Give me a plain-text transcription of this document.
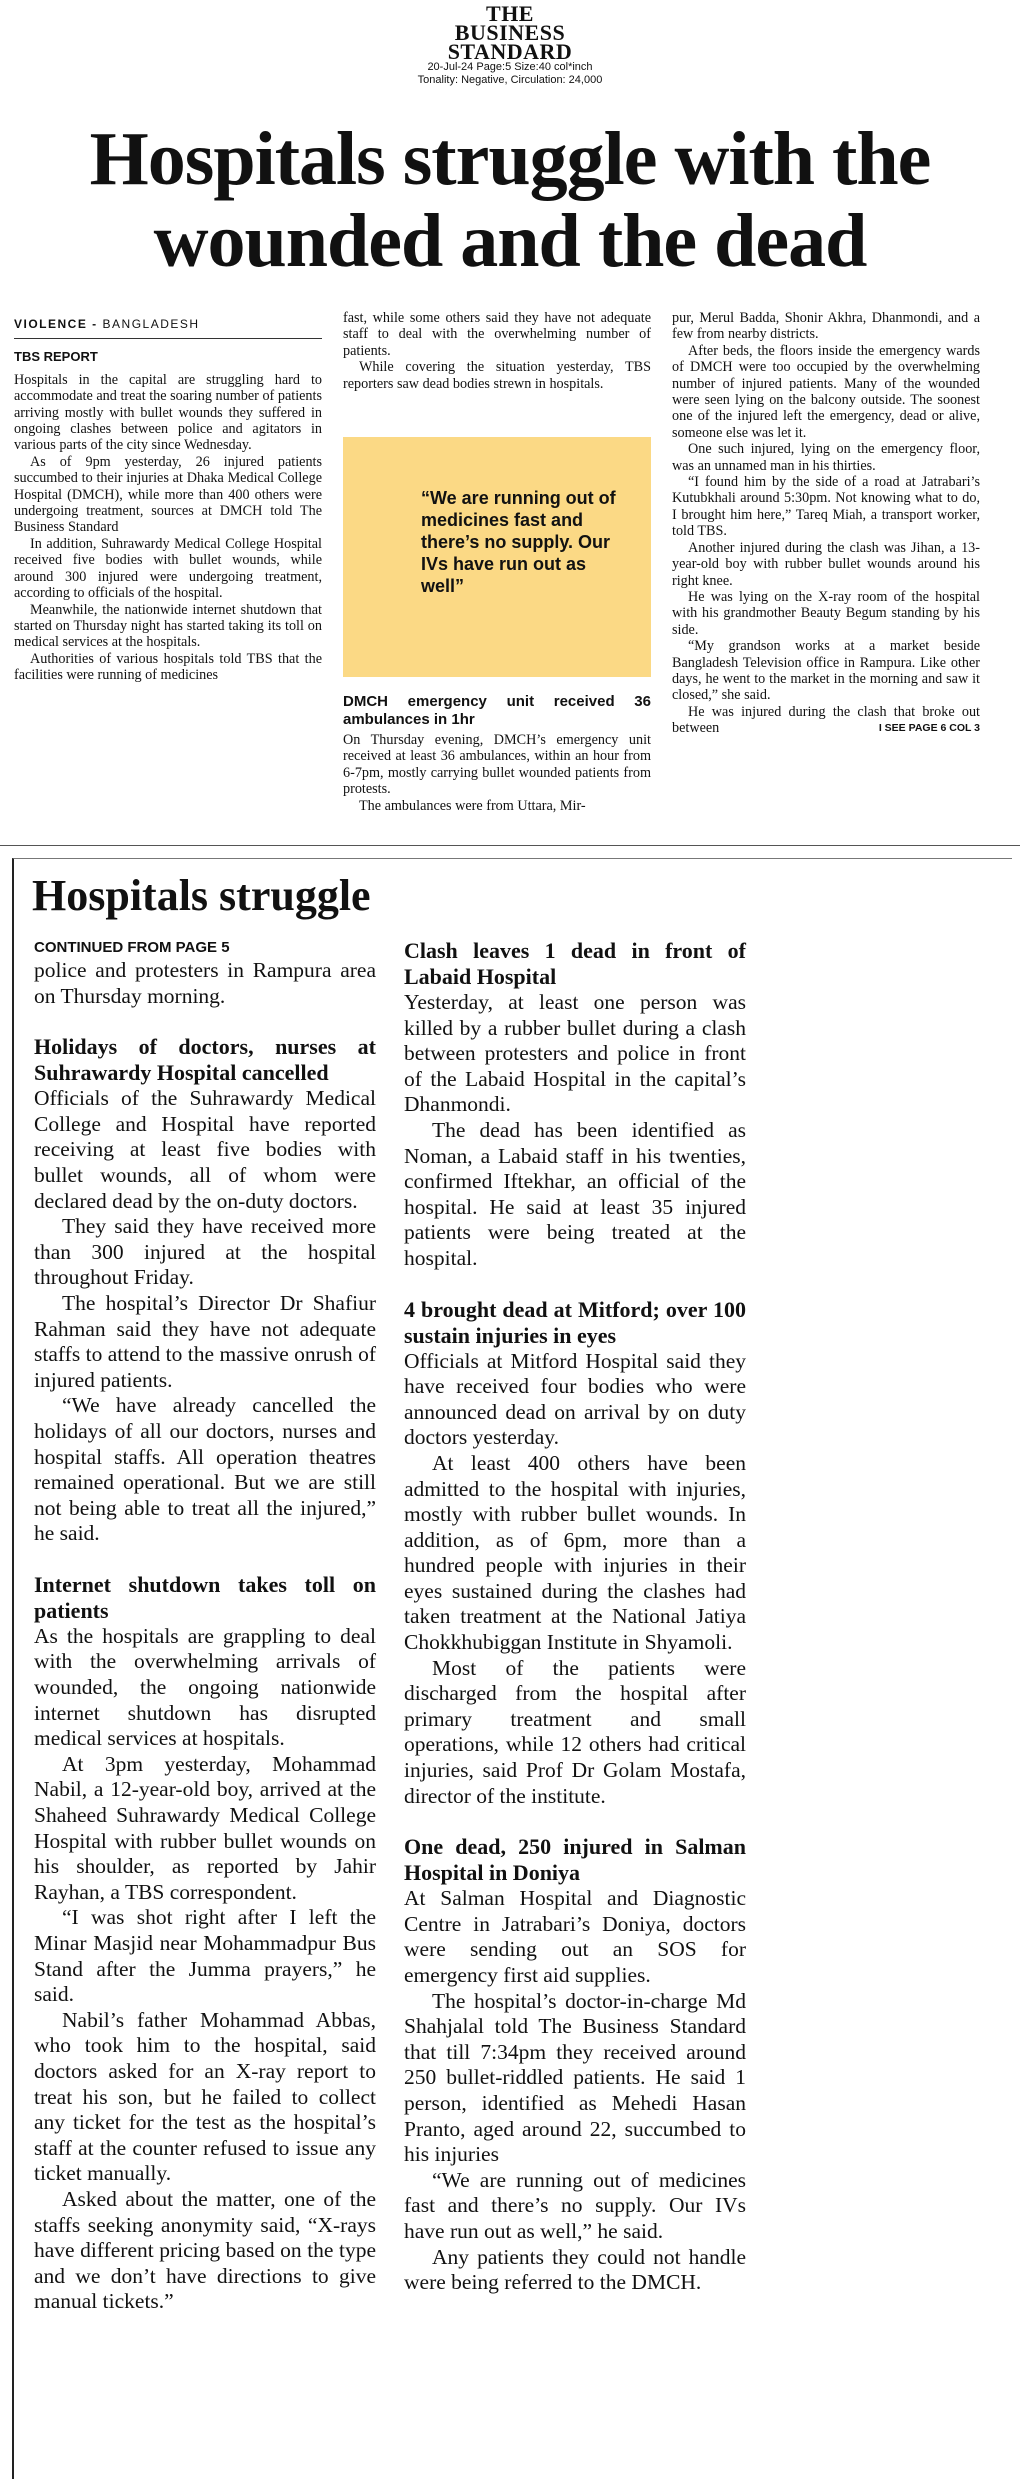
THE
BUSINESS
STANDARD
20-Jul-24 Page:5 Size:40 col*inch
Tonality: Negative, Circulation: 24,000
Hospitals struggle with the
wounded and the dead
VIOLENCE - BANGLADESH
TBS REPORT

Hospitals in the capital are struggling hard to accommodate and treat the soaring number of patients arriving mostly with bullet wounds they suffered in ongoing clashes between police and agitators in various parts of the city since Wednesday.

As of 9pm yesterday, 26 injured patients succumbed to their injuries at Dhaka Medical College Hospital (DMCH), while more than 400 others were undergoing treatment, sources at DMCH told The Business Standard

In addition, Suhrawardy Medical College Hospital received five bodies with bullet wounds, while around 300 injured were undergoing treatment, according to officials of the hospital.

Meanwhile, the nationwide internet shutdown that started on Thursday night has started taking its toll on medical services at the hospitals.

Authorities of various hospitals told TBS that the facilities were running of medicines

fast, while some others said they have not adequate staff to deal with the overwhelming number of patients.

While covering the situation yesterday, TBS reporters saw dead bodies strewn in hospitals.

“We are running out of medicines fast and there’s no supply. Our IVs have run out as well”
DMCH emergency unit received 36 ambulances in 1hr

On Thursday evening, DMCH’s emergency unit received at least 36 ambulances, within an hour from 6-7pm, mostly carrying bullet wounded patients from protests.

The ambulances were from Uttara, Mir-

pur, Merul Badda, Shonir Akhra, Dhanmondi, and a few from nearby districts.

After beds, the floors inside the emergency wards of DMCH were too occupied by the overwhelming number of injured patients. Many of the wounded were seen lying on the balcony outside. The soonest one of the injured left the emergency, dead or alive, someone else was let it.

One such injured, lying on the emergency floor, was an unnamed man in his thirties.

“I found him by the side of a road at Jatrabari’s Kutubkhali around 5:30pm. Not knowing what to do, I brought him here,” Tareq Miah, a transport worker, told TBS.

Another injured during the clash was Jihan, a 13-year-old boy with rubber bullet wounds around his right knee.

He was lying on the X-ray room of the hospital with his grandmother Beauty Begum standing by his side.

“My grandson works at a market beside Bangladesh Television office in Rampura. Like other days, he went to the market in the morning and saw it closed,” she said.

He was injured during the clash that broke out between	I SEE PAGE 6 COL 3

Hospitals struggle
CONTINUED FROM PAGE 5

police and protesters in Rampura area on Thursday morning.

Holidays of doctors, nurses at Suhrawardy Hospital cancelled

Officials of the Suhrawardy Medical College and Hospital have reported receiving at least five bodies with bullet wounds, all of whom were declared dead by the on-duty doctors.

They said they have received more than 300 injured at the hospital throughout Friday.

The hospital’s Director Dr Shafiur Rahman said they have not adequate staffs to attend to the massive onrush of injured patients.

“We have already cancelled the holidays of all our doctors, nurses and hospital staffs. All operation theatres remained operational. But we are still not being able to treat all the injured,” he said.

Internet shutdown takes toll on patients

As the hospitals are grappling to deal with the overwhelming arrivals of wounded, the ongoing nationwide internet shutdown has disrupted medical services at hospitals.

At 3pm yesterday, Mohammad Nabil, a 12-year-old boy, arrived at the Shaheed Suhrawardy Medical College Hospital with rubber bullet wounds on his shoulder, as reported by Jahir Rayhan, a TBS correspondent.

“I was shot right after I left the Minar Masjid near Mohammadpur Bus Stand after the Jumma prayers,” he said.

Nabil’s father Mohammad Abbas, who took him to the hospital, said doctors asked for an X-ray report to treat his son, but he failed to collect any ticket for the test as the hospital’s staff at the counter refused to issue any ticket manually.

Asked about the matter, one of the staffs seeking anonymity said, “X-rays have different pricing based on the type and we don’t have directions to give manual tickets.”

Clash leaves 1 dead in front of Labaid Hospital

Yesterday, at least one person was killed by a rubber bullet during a clash between protesters and police in front of the Labaid Hospital in the capital’s Dhanmondi.

The dead has been identified as Noman, a Labaid staff in his twenties, confirmed Iftekhar, an official of the hospital. He said at least 35 injured patients were being treated at the hospital.

4 brought dead at Mitford; over 100 sustain injuries in eyes

Officials at Mitford Hospital said they have received four bodies who were announced dead on arrival by on duty doctors yesterday.

At least 400 others have been admitted to the hospital with injuries, mostly with rubber bullet wounds. In addition, as of 6pm, more than a hundred people with injuries in their eyes sustained during the clashes had taken treatment at the National Jatiya Chokkhubiggan Institute in Shyamoli.

Most of the patients were discharged from the hospital after primary treatment and small operations, while 12 others had critical injuries, said Prof Dr Golam Mostafa, director of the institute.

One dead, 250 injured in Salman Hospital in Doniya

At Salman Hospital and Diagnostic Centre in Jatrabari’s Doniya, doctors were sending out an SOS for emergency first aid supplies.

The hospital’s doctor-in-charge Md Shahjalal told The Business Standard that till 7:34pm they received around 250 bullet-riddled patients. He said 1 person, identified as Mehedi Hasan Pranto, aged around 22, succumbed to his injuries

“We are running out of medicines fast and there’s no supply. Our IVs have run out as well,” he said.

Any patients they could not handle were being referred to the DMCH.
